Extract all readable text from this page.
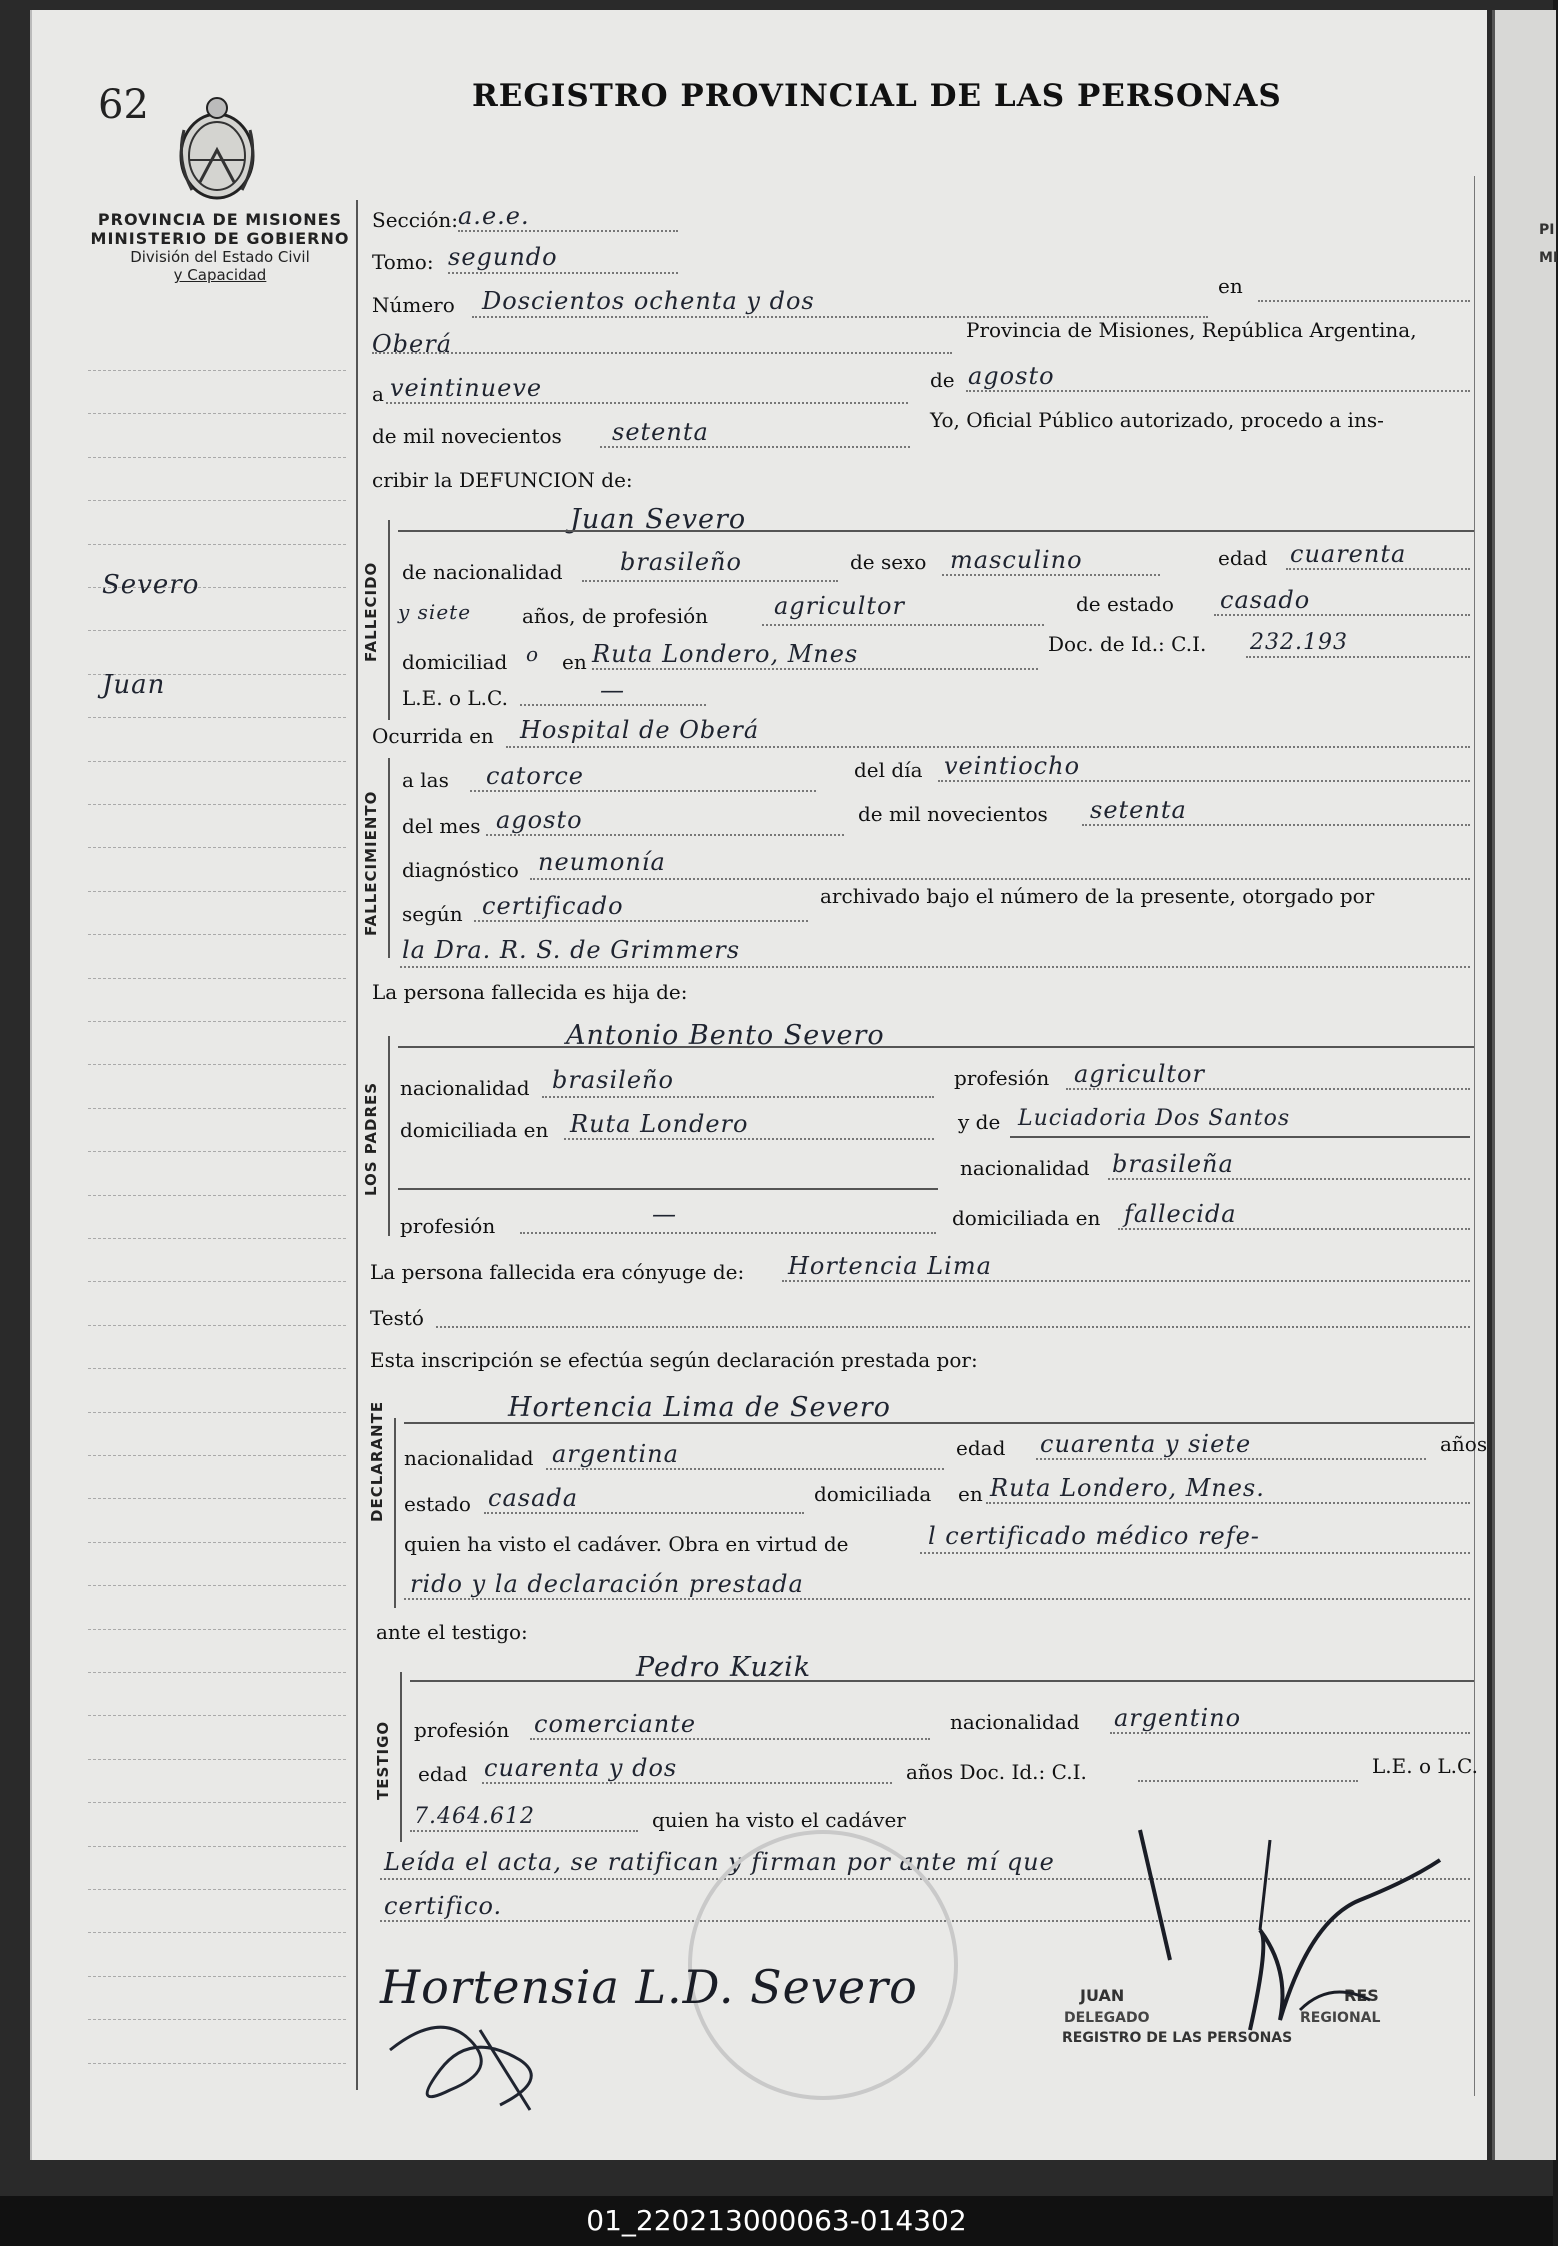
PI
MI
62	REGISTRO PROVINCIAL DE LAS PERSONAS
PROVINCIA DE MISIONES
MINISTERIO DE GOBIERNO
División del Estado Civil
y Capacidad
Severo
Juan
Sección: a.e.e.
Tomo: segundo
Número Doscientos ochenta y dos
en
Oberá	Provincia de Misiones, República Argentina,
a veintinueve	de agosto
de mil novecientos setenta	Yo, Oficial Público autorizado, procedo a ins-
cribir la DEFUNCION de:
FALLECIDO
Juan Severo
de nacionalidad brasileño	de sexo masculino	edad cuarenta
y siete	años, de profesión	agricultor	de estado casado
domiciliad o en Ruta Londero, Mnes	Doc. de Id.: C.I. 232.193
L.E. o L.C.	—
Ocurrida en Hospital de Oberá
FALLECIMIENTO
a las catorce	del día veintiocho
del mes agosto	de mil novecientos setenta
diagnóstico neumonía
según certificado	archivado bajo el número de la presente, otorgado por
la Dra. R. S. de Grimmers
La persona fallecida es hija de:
LOS PADRES
Antonio Bento Severo
nacionalidad brasileño	profesión agricultor
domiciliada en Ruta Londero	y de Luciadoria Dos Santos
nacionalidad brasileña
profesión	—	domiciliada en fallecida
La persona fallecida era cónyuge de: Hortencia Lima
Testó
Esta inscripción se efectúa según declaración prestada por:
DECLARANTE	Hortencia Lima de Severo
nacionalidad argentina	edad cuarenta y siete	años
estado casada	domiciliada en Ruta Londero, Mnes.
quien ha visto el cadáver. Obra en virtud de	l certificado médico refe-
rido y la declaración prestada
ante el testigo:
TESTIGO
Pedro Kuzik
profesión comerciante	nacionalidad argentino
edad cuarenta y dos	años Doc. Id.: C.I.	L.E. o L.C.
7.464.612	quien ha visto el cadáver
Leída el acta, se ratifican y firman por ante mí que
certifico.
JUAN	RES
DELEGADO	REGIONAL
REGISTRO DE LAS PERSONAS
Hortensia L.D. Severo
01_220213000063-014302
